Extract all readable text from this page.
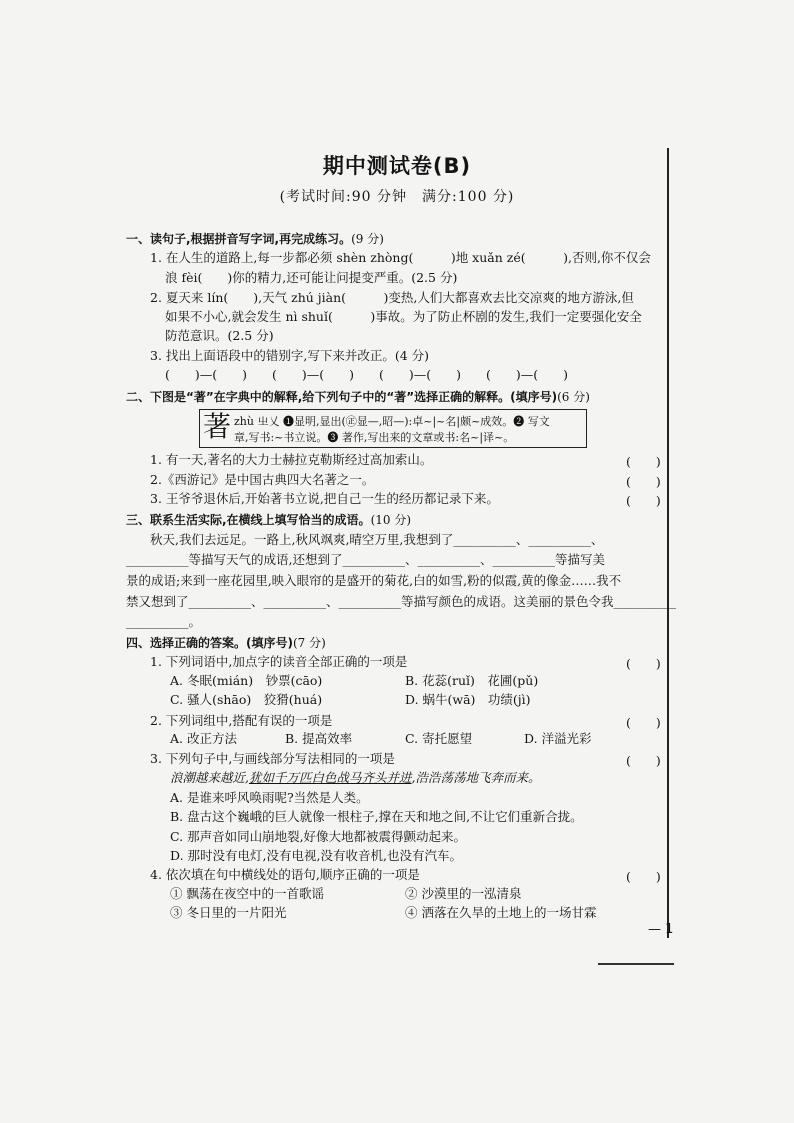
— 1
期中测试卷(B)
(考试时间:90 分钟　满分:100 分)
一、读句子,根据拼音写字词,再完成练习。(9 分)
1. 在人生的道路上,每一步都必须 shèn zhòng(　　　)地 xuǎn zé(　　　),否则,你不仅会
浪 fèi(　　)你的精力,还可能让问提变严重。(2.5 分)
2. 夏天来 lín(　　),天气 zhú jiàn(　　　)变热,人们大都喜欢去比交凉爽的地方游泳,但
如果不小心,就会发生 nì shuǐ(　　　)事故。为了防止杯剧的发生,我们一定要强化安全
防范意识。(2.5 分)
3. 找出上面语段中的错别字,写下来并改正。(4 分)
(　　)—(　　)　　(　　)—(　　)　　(　　)—(　　)　　(　　)—(　　)
二、下图是“著”在字典中的解释,给下列句子中的“著”选择正确的解释。(填序号)(6 分)
著 zhù 㞢乂 ❶显明,显出(㊣显—,昭—):卓~|~名|颇~成效。❷ 写文
章,写书:~书立说。❸ 著作,写出来的文章或书:名~|译~。
1. 有一天,著名的大力士赫拉克勒斯经过高加索山。	(　　)
2.《西游记》是中国古典四大名著之一。	(　　)
3. 王爷爷退休后,开始著书立说,把自己一生的经历都记录下来。	(　　)
三、联系生活实际,在横线上填写恰当的成语。(10 分)
秋天,我们去远足。一路上,秋风飒爽,晴空万里,我想到了__________、__________、
__________等描写天气的成语,还想到了__________、__________、__________等描写美
景的成语;来到一座花园里,映入眼帘的是盛开的菊花,白的如雪,粉的似霞,黄的像金……我不
禁又想到了__________、__________、__________等描写颜色的成语。这美丽的景色令我__________
__________。
四、选择正确的答案。(填序号)(7 分)
1. 下列词语中,加点字的读音全部正确的一项是	(　　)
A. 冬眠(mián)　钞票(cāo)	B. 花蕊(ruǐ)　花圃(pǔ)
C. 骚人(shāo)　狡猾(huá)	D. 蜗牛(wā)　功绩(jì)
2. 下列词组中,搭配有误的一项是	(　　)
A. 改正方法	B. 提高效率	C. 寄托愿望	D. 洋溢光彩
3. 下列句子中,与画线部分写法相同的一项是	(　　)
浪潮越来越近,犹如千万匹白色战马齐头并进,浩浩荡荡地飞奔而来。
A. 是谁来呼风唤雨呢?当然是人类。
B. 盘古这个巍峨的巨人就像一根柱子,撑在天和地之间,不让它们重新合拢。
C. 那声音如同山崩地裂,好像大地都被震得颤动起来。
D. 那时没有电灯,没有电视,没有收音机,也没有汽车。
4. 依次填在句中横线处的语句,顺序正确的一项是	(　　)
① 飘荡在夜空中的一首歌谣	② 沙漠里的一泓清泉
③ 冬日里的一片阳光	④ 洒落在久旱的土地上的一场甘霖
